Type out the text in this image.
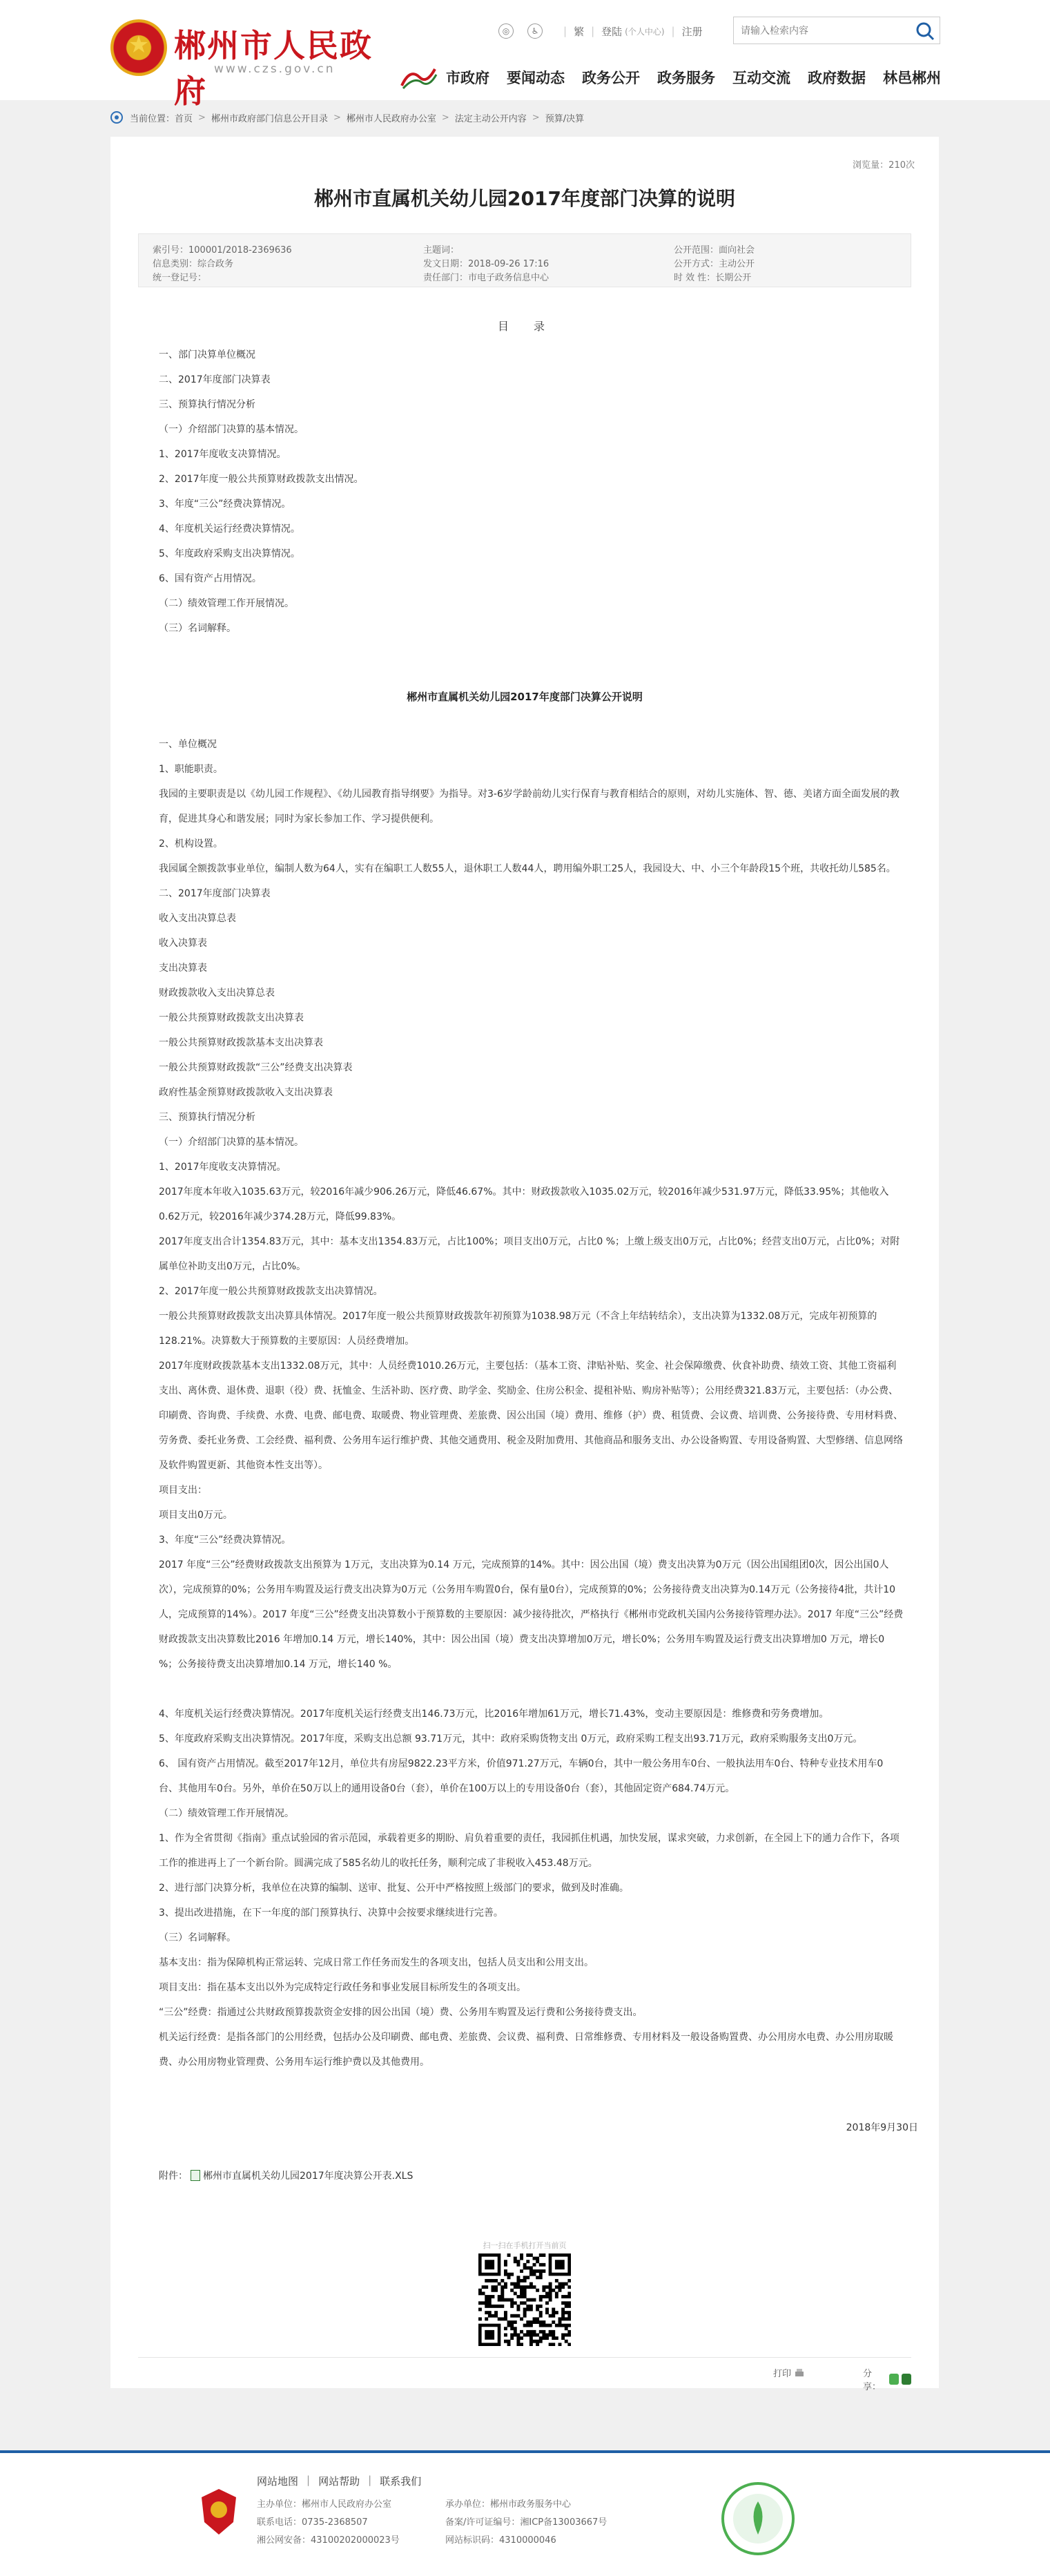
★ 郴州市人民政府
www.czs.gov.cn
◎	♿	| 繁 | 登陆 (个人中心) | 注册
请输入检索内容
市政府 要闻动态 政务公开 政务服务 互动交流 政府数据 林邑郴州
当前位置： 首页 > 郴州市政府部门信息公开目录 > 郴州市人民政府办公室 > 法定主动公开内容 > 预算/决算
浏览量：210次
郴州市直属机关幼儿园2017年度部门决算的说明
索引号：100001/2018-2369636	主题词：	公开范围：面向社会
信息类别：综合政务	发文日期：2018-09-26 17:16	公开方式：主动公开
统一登记号：	责任部门：市电子政务信息中心	时 效 性：长期公开
目　录
一、部门决算单位概况
二、2017年度部门决算表
三、预算执行情况分析
（一）介绍部门决算的基本情况。
1、2017年度收支决算情况。
2、2017年度一般公共预算财政拨款支出情况。
3、年度“三公”经费决算情况。
4、年度机关运行经费决算情况。
5、年度政府采购支出决算情况。
6、国有资产占用情况。
（二）绩效管理工作开展情况。
（三）名词解释。
郴州市直属机关幼儿园2017年度部门决算公开说明

一、单位概况

1、职能职责。

我园的主要职责是以《幼儿园工作规程》、《幼儿园教育指导纲要》为指导。对3-6岁学龄前幼儿实行保育与教育相结合的原则，对幼儿实施体、智、德、美诸方面全面发展的教育，促进其身心和谐发展；同时为家长参加工作、学习提供便利。

2、机构设置。

我园属全额拨款事业单位，编制人数为64人，实有在编职工人数55人，退休职工人数44人，聘用编外职工25人，我园设大、中、小三个年龄段15个班，共收托幼儿585名。

二、2017年度部门决算表

收入支出决算总表

收入决算表

支出决算表

财政拨款收入支出决算总表

一般公共预算财政拨款支出决算表

一般公共预算财政拨款基本支出决算表

一般公共预算财政拨款“三公”经费支出决算表

政府性基金预算财政拨款收入支出决算表

三、预算执行情况分析

（一）介绍部门决算的基本情况。

1、2017年度收支决算情况。

2017年度本年收入1035.63万元，较2016年减少906.26万元，降低46.67%。其中：财政拨款收入1035.02万元，较2016年减少531.97万元，降低33.95%；其他收入0.62万元，较2016年减少374.28万元，降低99.83%。

2017年度支出合计1354.83万元，其中：基本支出1354.83万元，占比100%；项目支出0万元，占比0 %；上缴上级支出0万元，占比0%；经营支出0万元，占比0%；对附属单位补助支出0万元，占比0%。

2、2017年度一般公共预算财政拨款支出决算情况。

一般公共预算财政拨款支出决算具体情况。2017年度一般公共预算财政拨款年初预算为1038.98万元（不含上年结转结余），支出决算为1332.08万元，完成年初预算的128.21%。决算数大于预算数的主要原因：人员经费增加。

2017年度财政拨款基本支出1332.08万元，其中：人员经费1010.26万元，主要包括：（基本工资、津贴补贴、奖金、社会保障缴费、伙食补助费、绩效工资、其他工资福利支出、离休费、退休费、退职（役）费、抚恤金、生活补助、医疗费、助学金、奖励金、住房公积金、提租补贴、购房补贴等）；公用经费321.83万元，主要包括：（办公费、印刷费、咨询费、手续费、水费、电费、邮电费、取暖费、物业管理费、差旅费、因公出国（境）费用、维修（护）费、租赁费、会议费、培训费、公务接待费、专用材料费、劳务费、委托业务费、工会经费、福利费、公务用车运行维护费、其他交通费用、税金及附加费用、其他商品和服务支出、办公设备购置、专用设备购置、大型修缮、信息网络及软件购置更新、其他资本性支出等）。

项目支出：

项目支出0万元。

3、年度“三公”经费决算情况。

2017 年度“三公”经费财政拨款支出预算为 1万元，支出决算为0.14 万元，完成预算的14%。其中：因公出国（境）费支出决算为0万元（因公出国组团0次，因公出国0人次），完成预算的0%；公务用车购置及运行费支出决算为0万元（公务用车购置0台，保有量0台），完成预算的0%；公务接待费支出决算为0.14万元（公务接待4批，共计10人，完成预算的14%）。2017 年度“三公”经费支出决算数小于预算数的主要原因：减少接待批次，严格执行《郴州市党政机关国内公务接待管理办法》。2017 年度“三公”经费财政拨款支出决算数比2016 年增加0.14 万元，增长140%，其中：因公出国（境）费支出决算增加0万元，增长0%；公务用车购置及运行费支出决算增加0 万元，增长0 %；公务接待费支出决算增加0.14 万元，增长140 %。

4、年度机关运行经费决算情况。2017年度机关运行经费支出146.73万元，比2016年增加61万元，增长71.43%，变动主要原因是：维修费和劳务费增加。

5、年度政府采购支出决算情况。2017年度，采购支出总额 93.71万元，其中：政府采购货物支出 0万元，政府采购工程支出93.71万元，政府采购服务支出0万元。

6、 国有资产占用情况。截至2017年12月，单位共有房屋9822.23平方米，价值971.27万元，车辆0台，其中一般公务用车0台、一般执法用车0台、特种专业技术用车0 台、其他用车0台。另外，单价在50万以上的通用设备0台（套），单价在100万以上的专用设备0台（套），其他固定资产684.74万元。

（二）绩效管理工作开展情况。

1、作为全省贯彻《指南》重点试验园的省示范园，承载着更多的期盼、肩负着重要的责任，我园抓住机遇，加快发展，谋求突破，力求创新，在全园上下的通力合作下，各项工作的推进再上了一个新台阶。圆满完成了585名幼儿的收托任务，顺利完成了非税收入453.48万元。

2、进行部门决算分析，我单位在决算的编制、送审、批复、公开中严格按照上级部门的要求，做到及时准确。

3、提出改进措施，在下一年度的部门预算执行、决算中会按要求继续进行完善。

（三）名词解释。

基本支出：指为保障机构正常运转、完成日常工作任务而发生的各项支出，包括人员支出和公用支出。

项目支出：指在基本支出以外为完成特定行政任务和事业发展目标所发生的各项支出。

“三公”经费：指通过公共财政预算拨款资金安排的因公出国（境）费、公务用车购置及运行费和公务接待费支出。

机关运行经费：是指各部门的公用经费，包括办公及印刷费、邮电费、差旅费、会议费、福利费、日常维修费、专用材料及一般设备购置费、办公用房水电费、办公用房取暖费、办公用房物业管理费、公务用车运行维护费以及其他费用。

2018年9月30日
附件： 郴州市直属机关幼儿园2017年度决算公开表.XLS
扫一扫在手机打开当前页
打印	分享：
网站地图 | 网站帮助 | 联系我们
主办单位：郴州市人民政府办公室
联系电话：0735-2368507
湘公网安备：43100202000023号
承办单位：郴州市政务服务中心
备案/许可证编号：湘ICP备13003667号
网站标识码：4310000046
